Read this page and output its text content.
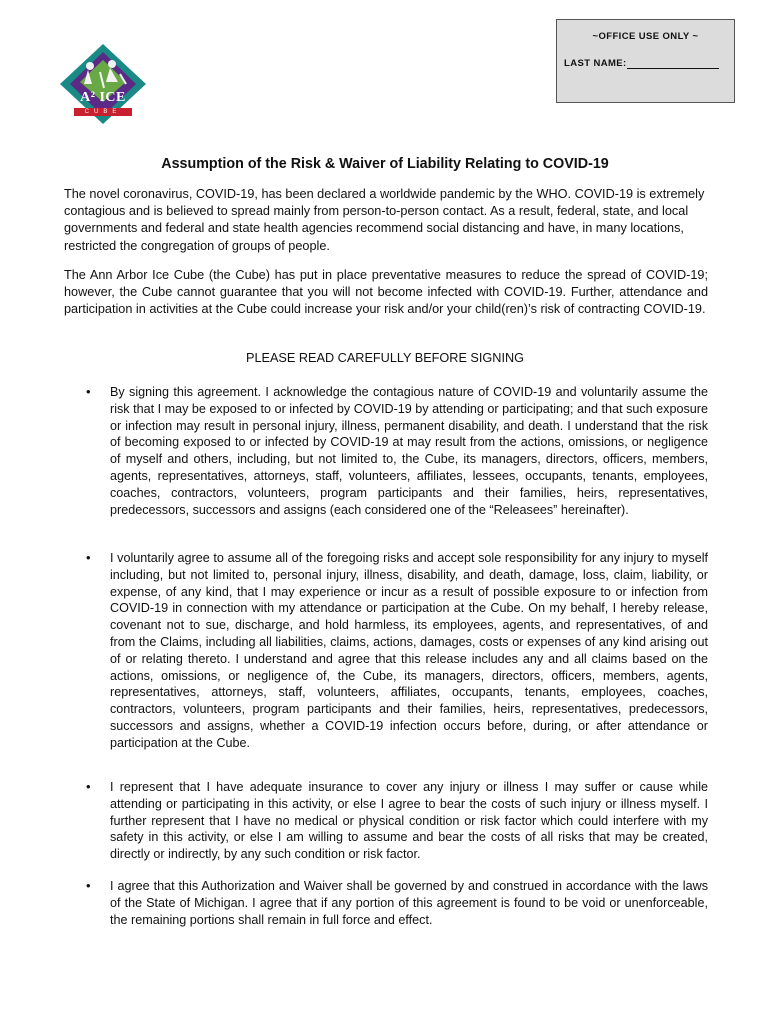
A² ICE
CUBE
~OFFICE USE ONLY ~
LAST NAME:
Assumption of the Risk & Waiver of Liability Relating to COVID-19

The novel coronavirus, COVID-19, has been declared a worldwide pandemic by the WHO. COVID-19 is extremely contagious and is believed to spread mainly from person-to-person contact. As a result, federal, state, and local governments and federal and state health agencies recommend social distancing and have, in many locations, restricted the congregation of groups of people.

The Ann Arbor Ice Cube (the Cube) has put in place preventative measures to reduce the spread of COVID-19; however, the Cube cannot guarantee that you will not become infected with COVID-19. Further, attendance and participation in activities at the Cube could increase your risk and/or your child(ren)’s risk of contracting COVID-19.

PLEASE READ CAREFULLY BEFORE SIGNING
• By signing this agreement. I acknowledge the contagious nature of COVID-19 and voluntarily assume the risk that I may be exposed to or infected by COVID-19 by attending or participating; and that such exposure or infection may result in personal injury, illness, permanent disability, and death. I understand that the risk of becoming exposed to or infected by COVID-19 at may result from the actions, omissions, or negligence of myself and others, including, but not limited to, the Cube, its managers, directors, officers, members, agents, representatives, attorneys, staff, volunteers, affiliates, lessees, occupants, tenants, employees, coaches, contractors, volunteers, program participants and their families, heirs, representatives, predecessors, successors and assigns (each considered one of the “Releasees” hereinafter).
• I voluntarily agree to assume all of the foregoing risks and accept sole responsibility for any injury to myself including, but not limited to, personal injury, illness, disability, and death, damage, loss, claim, liability, or expense, of any kind, that I may experience or incur as a result of possible exposure to or infection from COVID-19 in connection with my attendance or participation at the Cube. On my behalf, I hereby release, covenant not to sue, discharge, and hold harmless, its employees, agents, and representatives, of and from the Claims, including all liabilities, claims, actions, damages, costs or expenses of any kind arising out of or relating thereto. I understand and agree that this release includes any and all claims based on the actions, omissions, or negligence of, the Cube, its managers, directors, officers, members, agents, representatives, attorneys, staff, volunteers, affiliates, occupants, tenants, employees, coaches, contractors, volunteers, program participants and their families, heirs, representatives, predecessors, successors and assigns, whether a COVID-19 infection occurs before, during, or after attendance or participation at the Cube.
• I represent that I have adequate insurance to cover any injury or illness I may suffer or cause while attending or participating in this activity, or else I agree to bear the costs of such injury or illness myself. I further represent that I have no medical or physical condition or risk factor which could interfere with my safety in this activity, or else I am willing to assume and bear the costs of all risks that may be created, directly or indirectly, by any such condition or risk factor.
• I agree that this Authorization and Waiver shall be governed by and construed in accordance with the laws of the State of Michigan. I agree that if any portion of this agreement is found to be void or unenforceable, the remaining portions shall remain in full force and effect.
